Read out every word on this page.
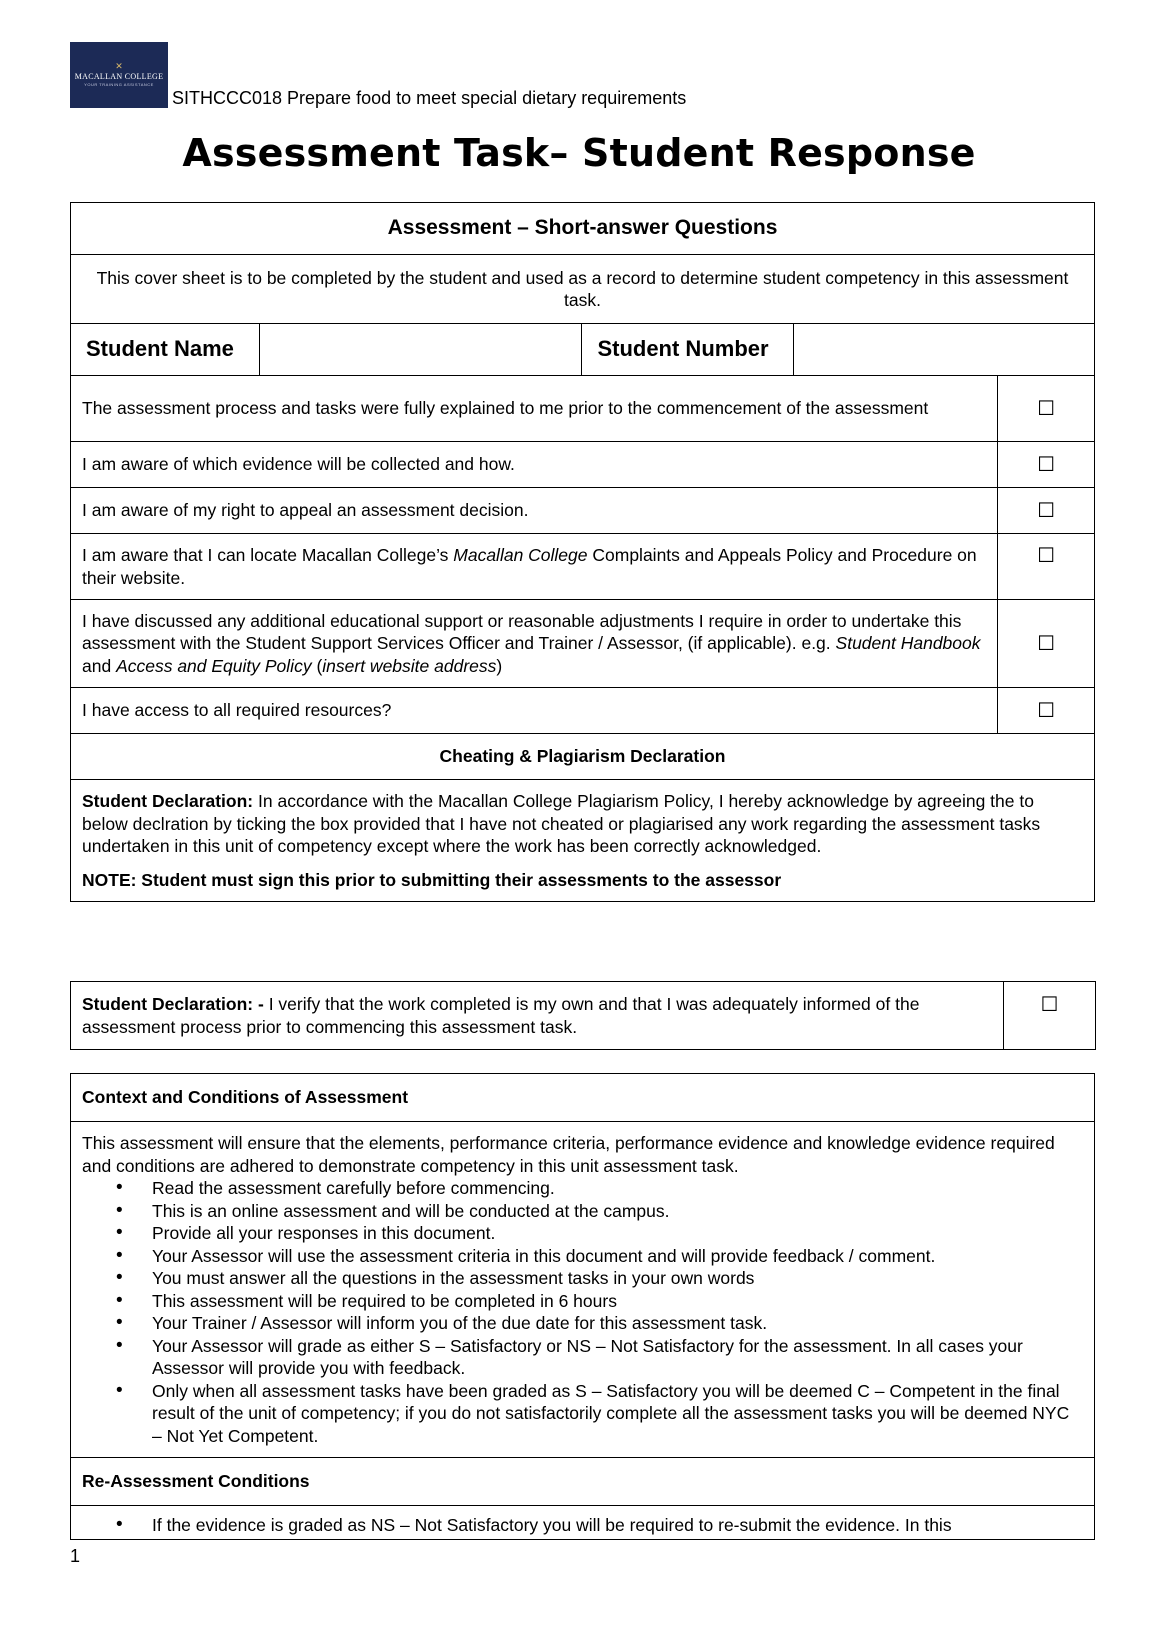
✕
MACALLAN COLLEGE
YOUR TRAINING ASSISTANCE
SITHCCC018 Prepare food to meet special dietary requirements
Assessment Task– Student Response
Assessment – Short-answer Questions				
This cover sheet is to be completed by the student and used as a record to determine student competency in this assessment task.				
Student Name		Student Number		
The assessment process and tasks were fully explained to me prior to the commencement of the assessment				☐
I am aware of which evidence will be collected and how.				☐
I am aware of my right to appeal an assessment decision.				☐
I am aware that I can locate Macallan College’s Macallan College Complaints and Appeals Policy and Procedure on their website.				☐
I have discussed any additional educational support or reasonable adjustments I require in order to undertake this assessment with the Student Support Services Officer and Trainer / Assessor, (if applicable). e.g. Student Handbook and Access and Equity Policy (insert website address)				☐
I have access to all required resources?				☐
Cheating & Plagiarism Declaration				

Student Declaration: In accordance with the Macallan College Plagiarism Policy, I hereby acknowledge by agreeing the to below declration by ticking the box provided that I have not cheated or plagiarised any work regarding the assessment tasks undertaken in this unit of competency except where the work has been correctly acknowledged.

NOTE: Student must sign this prior to submitting their assessments to the assessor				

Student Declaration: - I verify that the work completed is my own and that I was adequately informed of the assessment process prior to commencing this assessment task.	☐
Context and Conditions of Assessment

This assessment will ensure that the elements, performance criteria, performance evidence and knowledge evidence required and conditions are adhered to demonstrate competency in this unit assessment task.
• Read the assessment carefully before commencing.
• This is an online assessment and will be conducted at the campus.
• Provide all your responses in this document.
• Your Assessor will use the assessment criteria in this document and will provide feedback / comment.
• You must answer all the questions in the assessment tasks in your own words
• This assessment will be required to be completed in 6 hours
• Your Trainer / Assessor will inform you of the due date for this assessment task.
• Your Assessor will grade as either S – Satisfactory or NS – Not Satisfactory for the assessment. In all cases your Assessor will provide you with feedback.
• Only when all assessment tasks have been graded as S – Satisfactory you will be deemed C – Competent in the final result of the unit of competency; if you do not satisfactorily complete all the assessment tasks you will be deemed NYC – Not Yet Competent.

Re-Assessment Conditions

• If the evidence is graded as NS – Not Satisfactory you will be required to re-submit the evidence. In this
1
